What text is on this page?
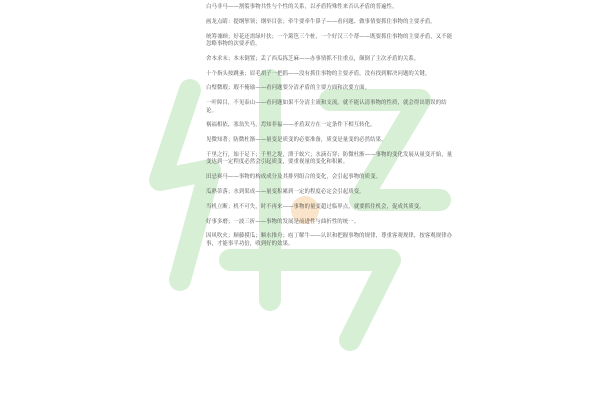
白马非马——割裂事物共性与个性的关系，以矛盾特殊性来否认矛盾的普遍性。

画龙点睛：提纲挈领；纲举目张；牵牛要牵牛鼻子——看问题、做事情要抓住事物的主要矛盾。

统筹兼顾；好花还需绿叶扶；一个篱笆三个桩，一个好汉三个帮——既要抓住事物的主要矛盾，又不能忽略事物的次要矛盾。

舍本求末；本末倒置；丢了西瓜拣芝麻——办事情抓不住重点，颠倒了主次矛盾的关系。

十个指头按跳蚤；眉毛胡子一把抓——没有抓住事物的主要矛盾，没有找到解决问题的关键。

白璧微瑕；瑕不掩瑜——看问题要分清矛盾的主要方面和次要方面。

一叶障目，不见泰山——看问题如果不分清主流和支流，就不能认清事物的性质，就会得出错误的结论。

祸福相依，塞翁失马，焉知非福——矛盾双方在一定条件下相互转化。

见微知著；防微杜渐——量变是质变的必要准备，质变是量变的必然结果。

千里之行，始于足下；千里之堤，溃于蚁穴；水滴石穿；防微杜渐——事物的变化发展从量变开始，量变达到一定程度必然会引起质变，要重视量的变化和积累。

田忌赛马——事物的构成成分及其排列组合的变化，会引起事物的质变。

瓜熟蒂落；水到渠成——量变积累到一定的程度必定会引起质变。

当机立断；机不可失，时不再来——事物的量变超过临界点，就要抓住机会，促成其质变。

好事多磨；一波三折——事物的发展是前进性与曲折性的统一。

因风吹火；顺藤摸瓜；顺水推舟；庖丁解牛——认识和把握事物的规律，尊重客观规律，按客观规律办事，才能事半功倍，收到好的效果。
